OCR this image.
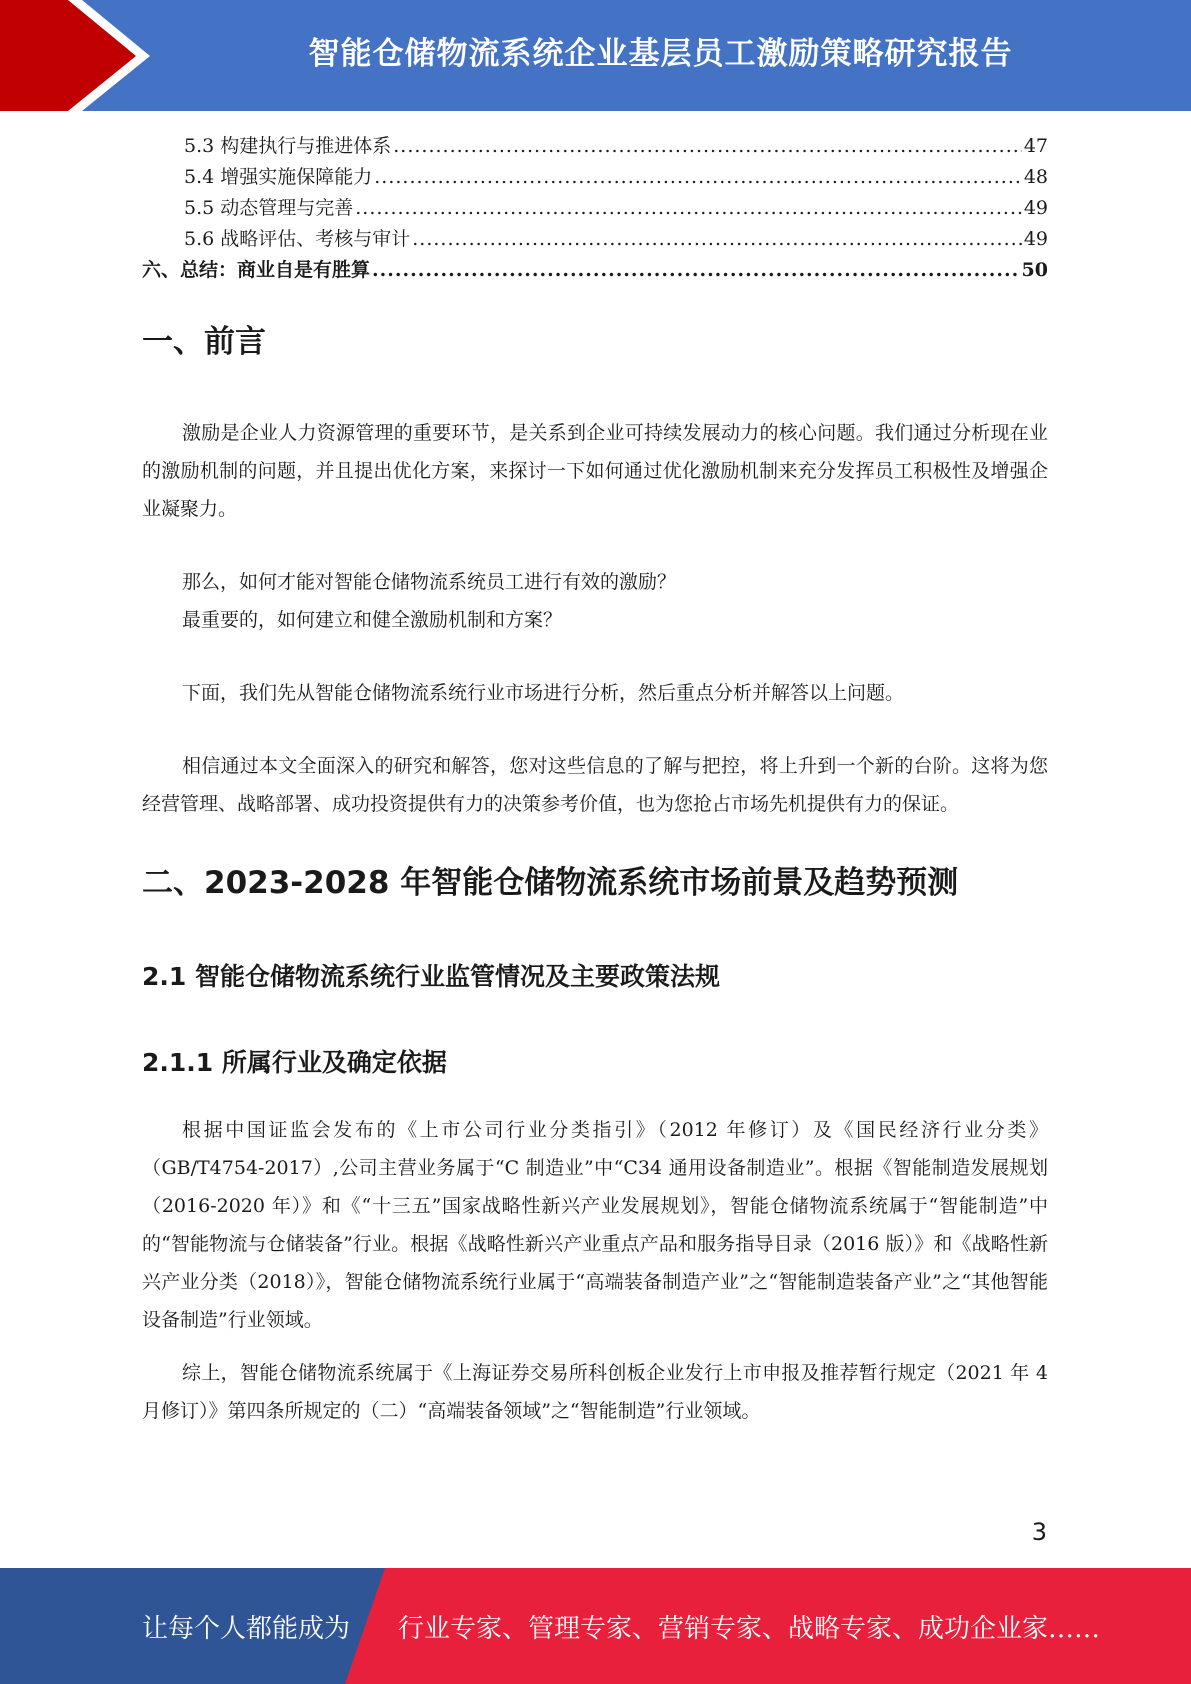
智能仓储物流系统企业基层员工激励策略研究报告
5.3 构建执行与推进体系 .....	47
5.4 增强实施保障能力 .....	48
5.5 动态管理与完善 .....	49
5.6 战略评估、考核与审计 .....	49
六、总结：商业自是有胜算 .....	50
一、前言

激励是企业人力资源管理的重要环节，是关系到企业可持续发展动力的核心问题。我们通过分析现在业的激励机制的问题，并且提出优化方案，来探讨一下如何通过优化激励机制来充分发挥员工积极性及增强企业凝聚力。

那么，如何才能对智能仓储物流系统员工进行有效的激励？

最重要的，如何建立和健全激励机制和方案？

下面，我们先从智能仓储物流系统行业市场进行分析，然后重点分析并解答以上问题。

相信通过本文全面深入的研究和解答，您对这些信息的了解与把控，将上升到一个新的台阶。这将为您经营管理、战略部署、成功投资提供有力的决策参考价值，也为您抢占市场先机提供有力的保证。

二、2023-2028 年智能仓储物流系统市场前景及趋势预测
2.1 智能仓储物流系统行业监管情况及主要政策法规
2.1.1 所属行业及确定依据

根据中国证监会发布的《上市公司行业分类指引》（2012 年修订）及《国民经济行业分类》（GB/T4754-2017）,公司主营业务属于“C 制造业”中“C34 通用设备制造业”。根据《智能制造发展规划（2016-2020 年）》和《“十三五”国家战略性新兴产业发展规划》，智能仓储物流系统属于“智能制造”中的“智能物流与仓储装备”行业。根据《战略性新兴产业重点产品和服务指导目录（2016 版）》和《战略性新兴产业分类（2018）》，智能仓储物流系统行业属于“高端装备制造产业”之“智能制造装备产业”之“其他智能设备制造”行业领域。

综上，智能仓储物流系统属于《上海证券交易所科创板企业发行上市申报及推荐暂行规定（2021 年 4 月修订）》第四条所规定的（二）“高端装备领域”之“智能制造”行业领域。

3
让每个人都能成为 行业专家、管理专家、营销专家、战略专家、成功企业家……
